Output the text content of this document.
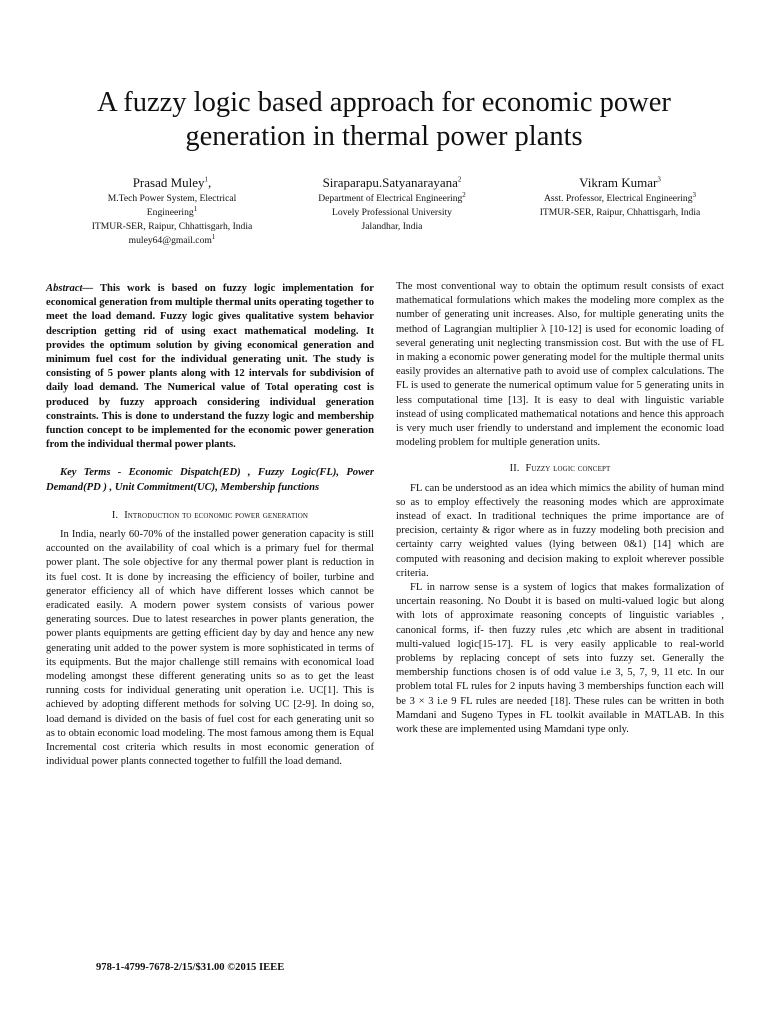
A fuzzy logic based approach for economic power generation in thermal power plants
Prasad Muley$^1$,
M.Tech Power System, Electrical
Engineering$^1$
ITMUR-SER, Raipur, Chhattisgarh, India
muley64@gmail.com$^1$
Siraparapu.Satyanarayana$^2$
Department of Electrical Engineering$^2$
Lovely Professional University
Jalandhar, India
Vikram Kumar$^3$
Asst. Professor, Electrical Engineering$^3$
ITMUR-SER, Raipur, Chhattisgarh, India

Abstract— This work is based on fuzzy logic implementation for economical generation from multiple thermal units operating together to meet the load demand. Fuzzy logic gives qualitative system behavior description getting rid of using exact mathematical modeling. It provides the optimum solution by giving economical generation and minimum fuel cost for the individual generating unit. The study is consisting of 5 power plants along with 12 intervals for subdivision of daily load demand. The Numerical value of Total operating cost is produced by fuzzy approach considering individual generation constraints. This is done to understand the fuzzy logic and membership function concept to be implemented for the economic power generation from the individual thermal power plants.

Key Terms - Economic Dispatch(ED) , Fuzzy Logic(FL), Power Demand(PD ) , Unit Commitment(UC), Membership functions

I. Introduction to economic power generation

In India, nearly 60-70% of the installed power generation capacity is still accounted on the availability of coal which is a primary fuel for thermal power plant. The sole objective for any thermal power plant is reduction in its fuel cost. It is done by increasing the efficiency of boiler, turbine and generator efficiency all of which have different losses which cannot be eradicated easily. A modern power system consists of various power generating sources. Due to latest researches in power plants generation, the power plants equipments are getting efficient day by day and hence any new generating unit added to the power system is more sophisticated in terms of its equipments. But the major challenge still remains with economical load modeling amongst these different generating units so as to get the least running costs for individual generating unit operation i.e. UC[1]. This is achieved by adopting different methods for solving UC [2-9]. In doing so, load demand is divided on the basis of fuel cost for each generating unit so as to obtain economic load modeling. The most famous among them is Equal Incremental cost criteria which results in most economic generation of individual power plants connected together to fulfill the load demand.

The most conventional way to obtain the optimum result consists of exact mathematical formulations which makes the modeling more complex as the number of generating unit increases. Also, for multiple generating units the method of Lagrangian multiplier λ [10-12] is used for economic loading of several generating unit neglecting transmission cost. But with the use of FL in making a economic power generating model for the multiple thermal units easily provides an alternative path to avoid use of complex calculations. The FL is used to generate the numerical optimum value for 5 generating units in less computational time [13]. It is easy to deal with linguistic variable instead of using complicated mathematical notations and hence this approach is very much user friendly to understand and implement the economic load modeling problem for multiple generation units.

II. Fuzzy logic concept

FL can be understood as an idea which mimics the ability of human mind so as to employ effectively the reasoning modes which are approximate instead of exact. In traditional techniques the prime importance are of precision, certainty & rigor where as in fuzzy modeling both precision and certainty carry weighted values (lying between 0&1) [14] which are computed with reasoning and decision making to exploit wherever possible criteria.

FL in narrow sense is a system of logics that makes formalization of uncertain reasoning. No Doubt it is based on multi-valued logic but along with lots of approximate reasoning concepts of linguistic variables , canonical forms, if- then fuzzy rules ,etc which are absent in traditional multi-valued logic[15-17]. FL is very easily applicable to real-world problems by replacing concept of sets into fuzzy set. Generally the membership functions chosen is of odd value i.e 3, 5, 7, 9, 11 etc. In our problem total FL rules for 2 inputs having 3 memberships function each will be 3 × 3 i.e 9 FL rules are needed [18]. These rules can be written in both Mamdani and Sugeno Types in FL toolkit available in MATLAB. In this work these are implemented using Mamdani type only.

978-1-4799-7678-2/15/$31.00 ©2015 IEEE
